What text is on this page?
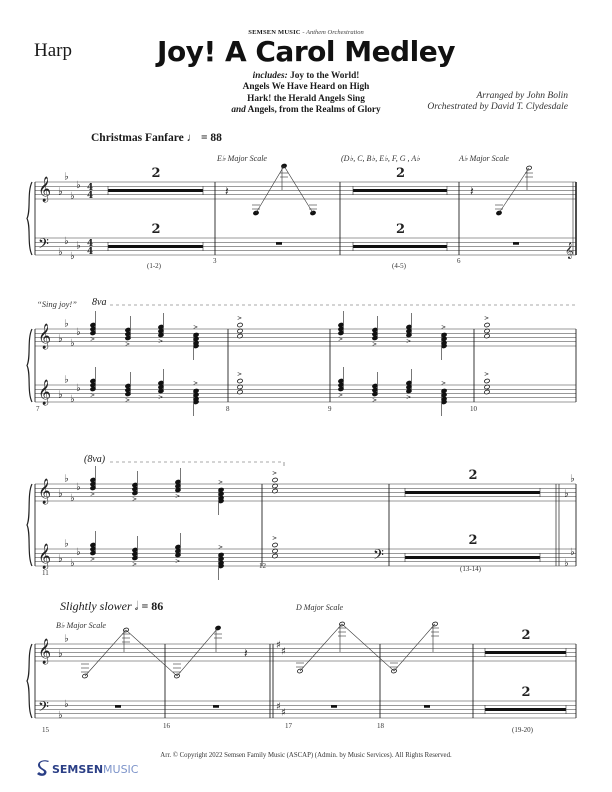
Harp
SEMSEN MUSIC - Anthem Orchestration
Joy! A Carol Medley
includes: Joy to the World!
Angels We Have Heard on High
Hark! the Herald Angels Sing
and Angels, from the Realms of Glory
Arranged by John Bolin
Orchestrated by David T. Clydesdale
Christmas Fanfare ♩ = 88
E♭ Major Scale	(D♭, C, B♭, E♭, F, G , A♭	A♭ Major Scale
(1-2)
3
(4-5)
6
“Sing joy!” 8va
7	8	9	10
(8va)
11
12	(13-14)
Slightly slower 𝅗𝅥 = 86
B♭ Major Scale
D Major Scale
15	16	17	18	(19-20)
𝄞
𝄢
♭
♭
♭
♭
♭
♭
♭
♭
4
4
4
4
2
2
2
2
𝄽	𝄽
𝄞
𝄞
𝄞
♭
♭
♭
♭
♭
♭
♭
♭
>
>	>
>
>
>	>
>
>
>
>
>	>
>
>
>	>
>
>
>
𝄞
𝄞
♭
♭
♭
♭
♭
♭
♭
♭
>
>	>
>
>
>	>
>
>
>
𝄢
2
2
♭
♭
♭
♭
𝄞
𝄢
♭
♭
♭
♭
♯
♯
♯
♯
𝄽
2
2
Arr. © Copyright 2022 Semsen Family Music (ASCAP) (Admin. by Music Services). All Rights Reserved.
SEMSEN MUSIC
